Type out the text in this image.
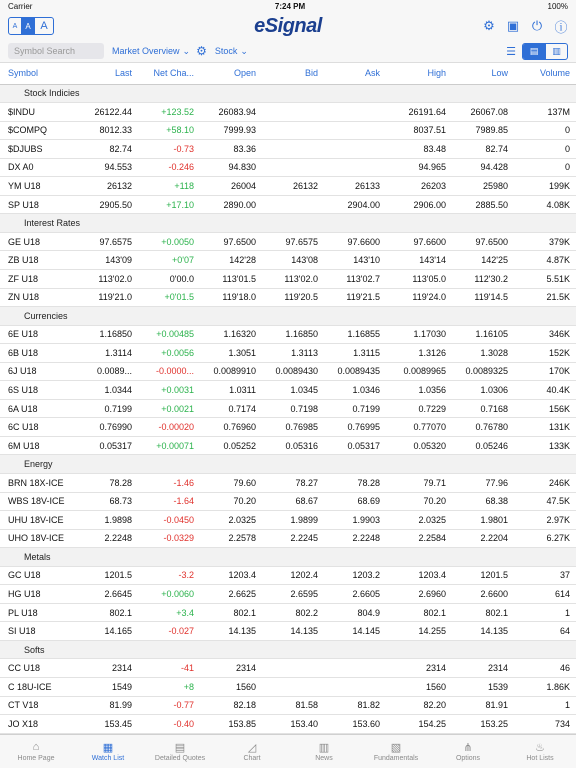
Carrier	7:24 PM	100%
A	A A	eSignal	⚙ ▣ ⏻ ⓘ
Symbol Search	Market Overview ⌄ ⚙ Stock ⌄	☰	▤	▥
Symbol	Last	Net Cha...	Open	Bid	Ask	High	Low	Volume
Stock Indicies								
$INDU	26122.44	+123.52	26083.94			26191.64	26067.08	137M
$COMPQ	8012.33	+58.10	7999.93			8037.51	7989.85	0
$DJUBS	82.74	-0.73	83.36			83.48	82.74	0
DX A0	94.553	-0.246	94.830			94.965	94.428	0
YM U18	26132	+118	26004	26132	26133	26203	25980	199K
SP U18	2905.50	+17.10	2890.00		2904.00	2906.00	2885.50	4.08K
Interest Rates								
GE U18	97.6575	+0.0050	97.6500	97.6575	97.6600	97.6600	97.6500	379K
ZB U18	143'09	+0'07	142'28	143'08	143'10	143'14	142'25	4.87K
ZF U18	113'02.0	0'00.0	113'01.5	113'02.0	113'02.7	113'05.0	112'30.2	5.51K
ZN U18	119'21.0	+0'01.5	119'18.0	119'20.5	119'21.5	119'24.0	119'14.5	21.5K
Currencies								
6E U18	1.16850	+0.00485	1.16320	1.16850	1.16855	1.17030	1.16105	346K
6B U18	1.3114	+0.0056	1.3051	1.3113	1.3115	1.3126	1.3028	152K
6J U18	0.0089...	-0.0000...	0.0089910	0.0089430	0.0089435	0.0089965	0.0089325	170K
6S U18	1.0344	+0.0031	1.0311	1.0345	1.0346	1.0356	1.0306	40.4K
6A U18	0.7199	+0.0021	0.7174	0.7198	0.7199	0.7229	0.7168	156K
6C U18	0.76990	-0.00020	0.76960	0.76985	0.76995	0.77070	0.76780	131K
6M U18	0.05317	+0.00071	0.05252	0.05316	0.05317	0.05320	0.05246	133K
Energy								
BRN 18X-ICE	78.28	-1.46	79.60	78.27	78.28	79.71	77.96	246K
WBS 18V-ICE	68.73	-1.64	70.20	68.67	68.69	70.20	68.38	47.5K
UHU 18V-ICE	1.9898	-0.0450	2.0325	1.9899	1.9903	2.0325	1.9801	2.97K
UHO 18V-ICE	2.2248	-0.0329	2.2578	2.2245	2.2248	2.2584	2.2204	6.27K
Metals								
GC U18	1201.5	-3.2	1203.4	1202.4	1203.2	1203.4	1201.5	37
HG U18	2.6645	+0.0060	2.6625	2.6595	2.6605	2.6960	2.6600	614
PL U18	802.1	+3.4	802.1	802.2	804.9	802.1	802.1	1
SI U18	14.165	-0.027	14.135	14.135	14.145	14.255	14.135	64
Softs								
CC U18	2314	-41	2314			2314	2314	46
C 18U-ICE	1549	+8	1560			1560	1539	1.86K
CT V18	81.99	-0.77	82.18	81.58	81.82	82.20	81.91	1
JO X18	153.45	-0.40	153.85	153.40	153.60	154.25	153.25	734
⌂
Home Page
▦
Watch List
▤
Detailed Quotes
◿
Chart
▥
News
▧
Fundamentals
⋔
Options
♨
Hot Lists
